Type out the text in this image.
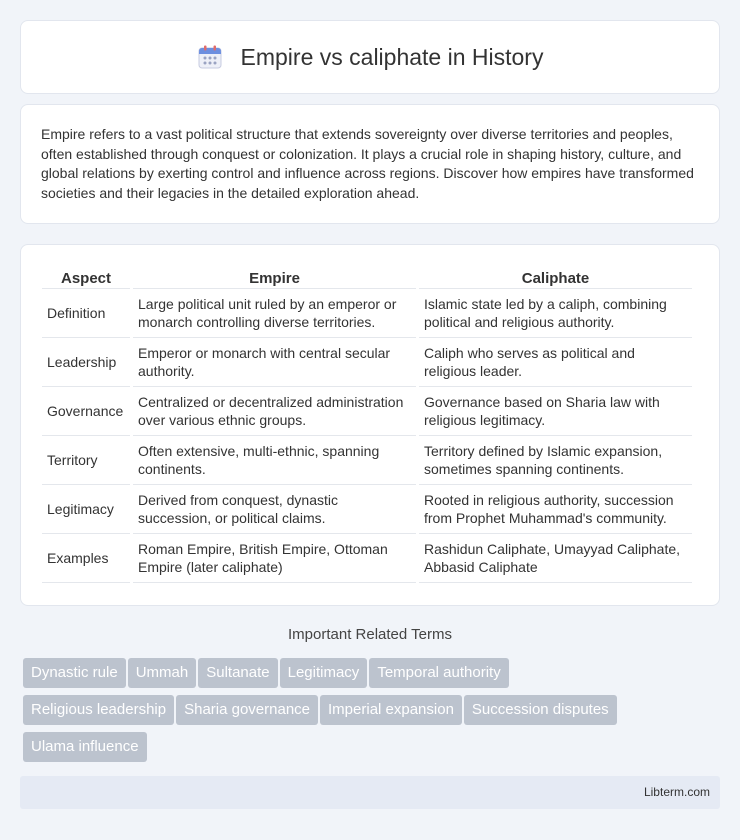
Empire vs caliphate in History

Empire refers to a vast political structure that extends sovereignty over diverse territories and peoples, often established through conquest or colonization. It plays a crucial role in shaping history, culture, and global relations by exerting control and influence across regions. Discover how empires have transformed societies and their legacies in the detailed exploration ahead.

Aspect	Empire	Caliphate
Definition	Large political unit ruled by an emperor or monarch controlling diverse territories.	Islamic state led by a caliph, combining political and religious authority.
Leadership	Emperor or monarch with central secular authority.	Caliph who serves as political and religious leader.
Governance	Centralized or decentralized administration over various ethnic groups.	Governance based on Sharia law with religious legitimacy.
Territory	Often extensive, multi-ethnic, spanning continents.	Territory defined by Islamic expansion, sometimes spanning continents.
Legitimacy	Derived from conquest, dynastic succession, or political claims.	Rooted in religious authority, succession from Prophet Muhammad's community.
Examples	Roman Empire, British Empire, Ottoman Empire (later caliphate)	Rashidun Caliphate, Umayyad Caliphate, Abbasid Caliphate
Important Related Terms
Dynastic rule Ummah Sultanate Legitimacy Temporal authority
Religious leadership Sharia governance Imperial expansion Succession disputes
Ulama influence
Libterm.com
